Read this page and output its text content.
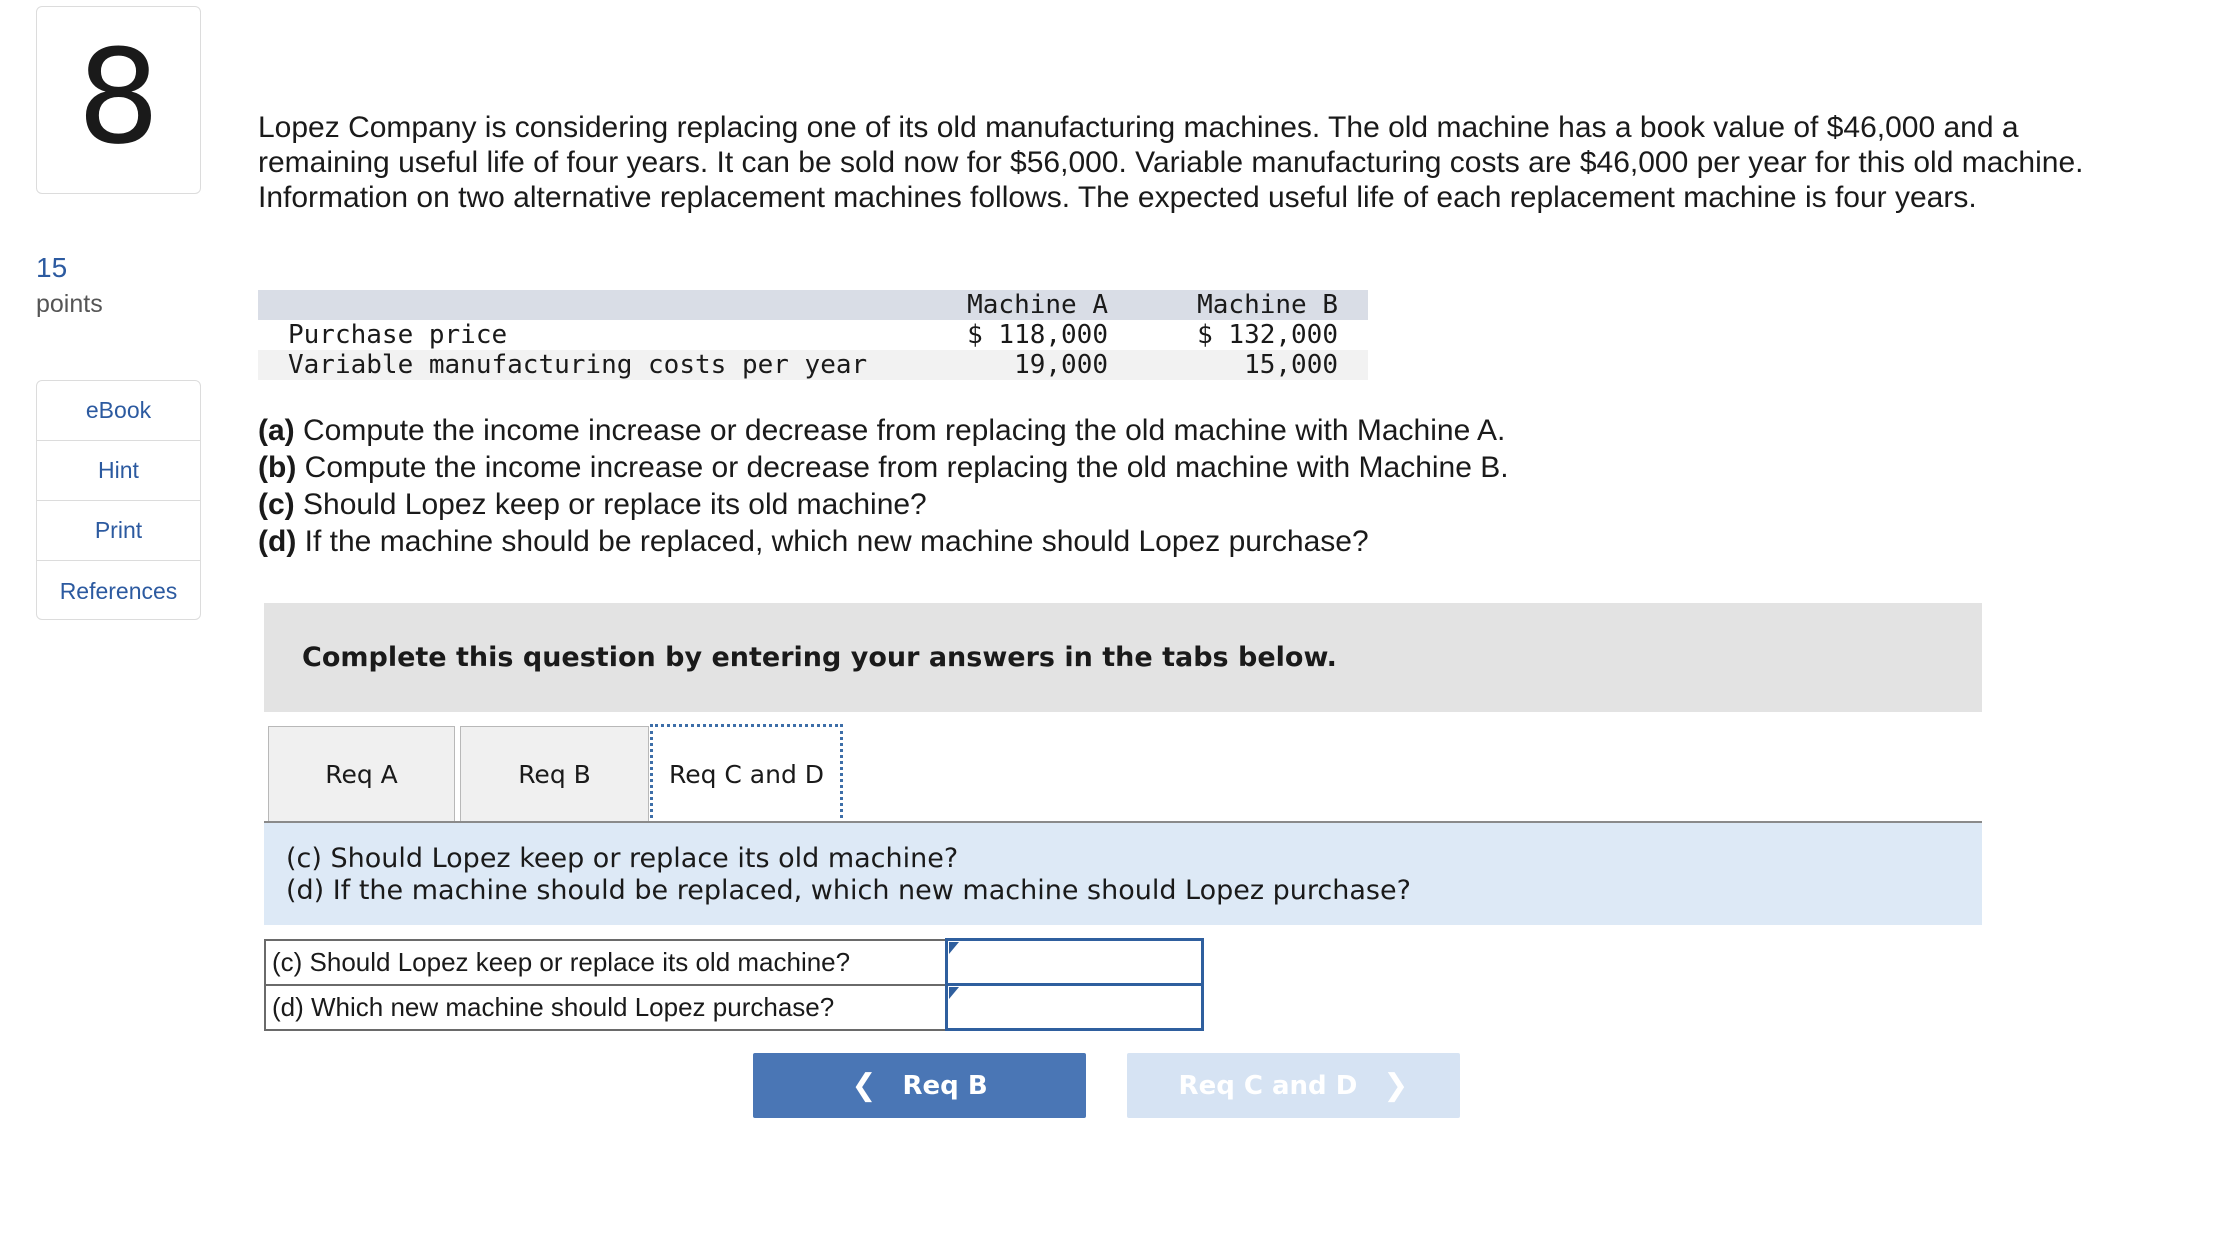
8
15
points
eBook
Hint
Print
References
Lopez Company is considering replacing one of its old manufacturing machines. The old machine has a book value of $46,000 and a remaining useful life of four years. It can be sold now for $56,000. Variable manufacturing costs are $46,000 per year for this old machine. Information on two alternative replacement machines follows. The expected useful life of each replacement machine is four years.
	Machine A	Machine B
Purchase price	$ 118,000	$ 132,000
Variable manufacturing costs per year	19,000	15,000
(a) Compute the income increase or decrease from replacing the old machine with Machine A.
(b) Compute the income increase or decrease from replacing the old machine with Machine B.
(c) Should Lopez keep or replace its old machine?
(d) If the machine should be replaced, which new machine should Lopez purchase?
Complete this question by entering your answers in the tabs below.
Req A	Req B	Req C and D
(c) Should Lopez keep or replace its old machine?
(d) If the machine should be replaced, which new machine should Lopez purchase?
(c) Should Lopez keep or replace its old machine?	

(d) Which new machine should Lopez purchase?	
❮ Req B	Req C and D ❯
